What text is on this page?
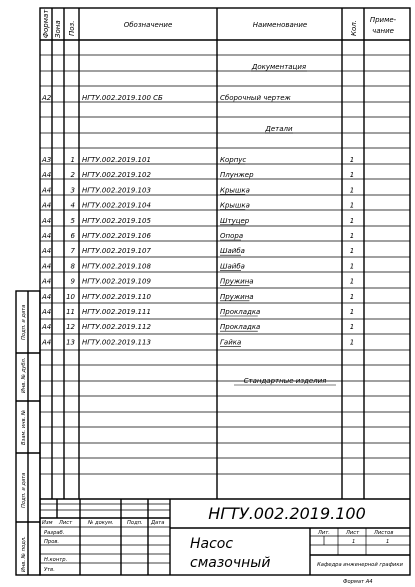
Формат Зона Поз.	Обозначение	Наименование	Кол.
Приме-
чание
Документация
Детали
Стандартные изделия
А2	НГТУ.002.2019.100 СБ	Сборочный чертеж
А3	1 НГТУ.002.2019.101	Корпус	1
А4	2 НГТУ.002.2019.102	Плунжер	1
А4	3 НГТУ.002.2019.103	Крышка	1
А4	4 НГТУ.002.2019.104	Крышка	1
А4	5 НГТУ.002.2019.105	Штуцер	1
А4	6 НГТУ.002.2019.106	Опора	1
А4	7 НГТУ.002.2019.107	Шайба	1
А4	8 НГТУ.002.2019.108	Шайба	1
А4	9 НГТУ.002.2019.109	Пружина	1
А4 10 НГТУ.002.2019.110	Пружина	1
А4 11 НГТУ.002.2019.111	Прокладка	1
А4 12 НГТУ.002.2019.112	Прокладка	1
А4 13 НГТУ.002.2019.113	Гайка	1
Подп. и дата
Инв. № дубл.
Взам. инв. №
Подп. и дата
Инв. № подл.
Изм Лист	№ докум.	Подп. Дата
Разраб.
Пров.
Н.контр.
Утв.
НГТУ.002.2019.100
Насос
смазочный
Лит.	Лист	Листов
1	1
Кафедра инженерной графики
Формат А4
